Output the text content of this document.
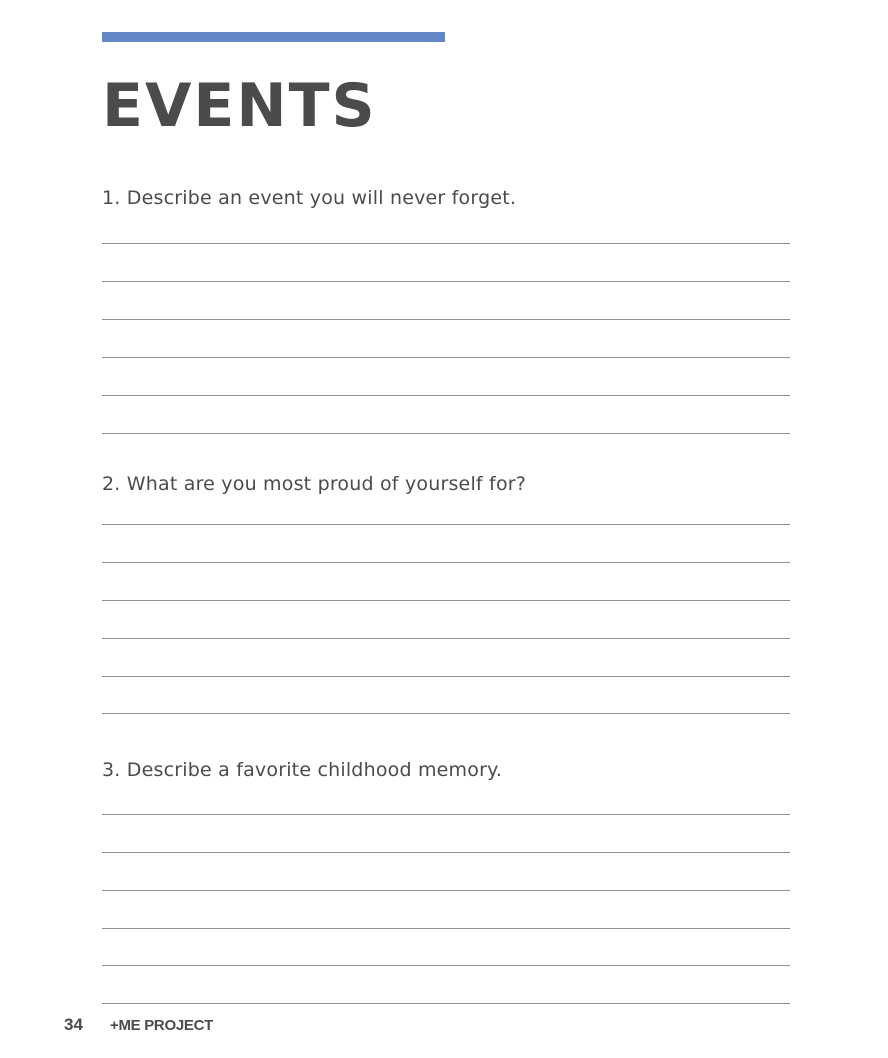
EVENTS

1. Describe an event you will never forget.

2. What are you most proud of yourself for?

3. Describe a favorite childhood memory.

34 +ME PROJECT
